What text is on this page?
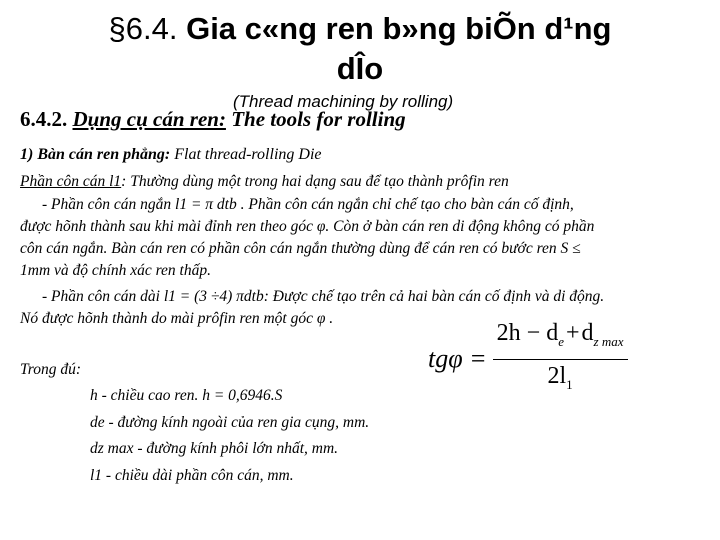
§6.4. Gia c«ng ren b»ng biÕn d¹ng
dÎo
(Thread machining by rolling)
6.4.2. Dụng cụ cán ren: The tools for rolling
1) Bàn cán ren phẳng: Flat thread-rolling Die
Phần côn cán l1: Thường dùng một trong hai dạng sau để tạo thành prôfin ren
- Phần côn cán ngắn l1 = π dtb . Phần côn cán ngắn chỉ chế tạo cho bàn cán cố định,
được hõnh thành sau khi mài đỉnh ren theo góc φ. Còn ở bàn cán ren di động không có phần
côn cán ngắn. Bàn cán ren có phần côn cán ngắn thường dùng để cán ren có bước ren S ≤
1mm và độ chính xác ren thấp.
- Phần côn cán dài l1 = (3 ÷4) πdtb: Được chế tạo trên cả hai bàn cán cố định và di động.
Nó được hõnh thành do mài prôfin ren một góc φ .
$tg\varphi = \frac{2h - d_e+d_{z max}}{2l_1}$
Trong đú:
h - chiều cao ren. h = 0,6946.S
de - đường kính ngoài của ren gia cụng, mm.
dz max - đường kính phôi lớn nhất, mm.
l1 - chiều dài phần côn cán, mm.
